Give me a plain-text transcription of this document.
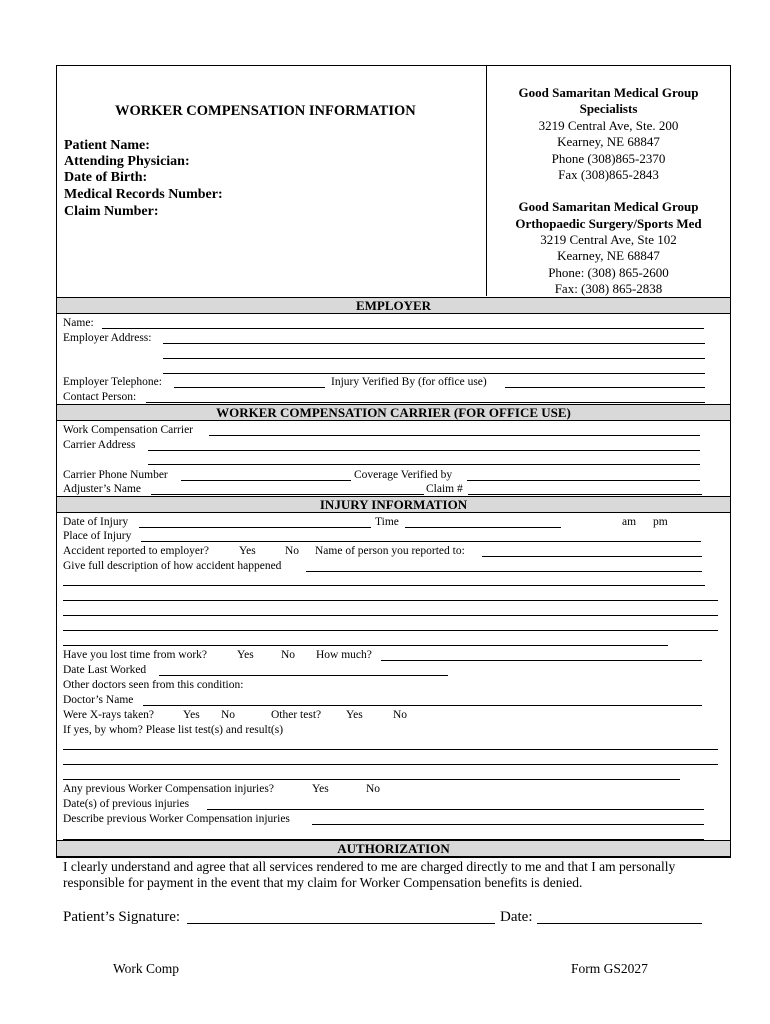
WORKER COMPENSATION INFORMATION
Patient Name:
Attending Physician:
Date of Birth:
Medical Records Number:
Claim Number:
Good Samaritan Medical Group
Specialists
3219 Central Ave, Ste. 200
Kearney, NE 68847
Phone (308)865-2370
Fax (308)865-2843
Good Samaritan Medical Group
Orthopaedic Surgery/Sports Med
3219 Central Ave, Ste 102
Kearney, NE 68847
Phone: (308) 865-2600
Fax: (308) 865-2838
EMPLOYER
Name:
Employer Address:
Employer Telephone:	Injury Verified By (for office use)
Contact Person:
WORKER COMPENSATION CARRIER (FOR OFFICE USE)
Work Compensation Carrier
Carrier Address
Carrier Phone Number	Coverage Verified by
Adjuster’s Name	Claim #
INJURY INFORMATION
Date of Injury	Time	am pm
Place of Injury
Accident reported to employer?	Yes	No Name of person you reported to:
Give full description of how accident happened
Have you lost time from work?	Yes No How much?
Date Last Worked
Other doctors seen from this condition:
Doctor’s Name
Were X-rays taken?	Yes No	Other test? Yes	No
If yes, by whom? Please list test(s) and result(s)
Any previous Worker Compensation injuries?	Yes	No
Date(s) of previous injuries
Describe previous Worker Compensation injuries
AUTHORIZATION
I clearly understand and agree that all services rendered to me are charged directly to me and that I am personally
responsible for payment in the event that my claim for Worker Compensation benefits is denied.
Patient’s Signature:	Date:
Work Comp	Form GS2027
